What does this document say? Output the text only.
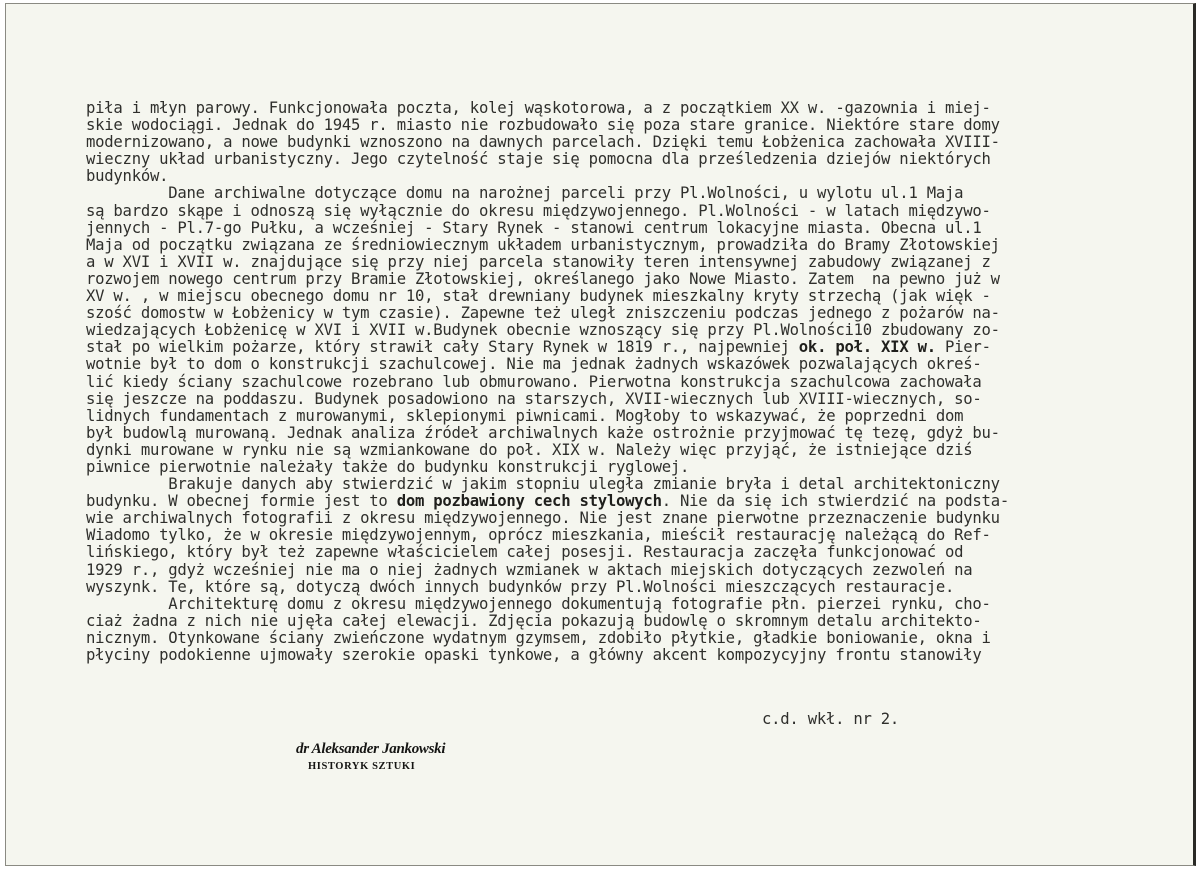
piła i młyn parowy. Funkcjonowała poczta, kolej wąskotorowa, a z początkiem XX w. -gazownia i miej-
skie wodociągi. Jednak do 1945 r. miasto nie rozbudowało się poza stare granice. Niektóre stare domy
modernizowano, a nowe budynki wznoszono na dawnych parcelach. Dzięki temu Łobżenica zachowała XVIII-
wieczny układ urbanistyczny. Jego czytelność staje się pomocna dla prześledzenia dziejów niektórych
budynków.
Dane archiwalne dotyczące domu na narożnej parceli przy Pl.Wolności, u wylotu ul.1 Maja
są bardzo skąpe i odnoszą się wyłącznie do okresu międzywojennego. Pl.Wolności - w latach międzywo-
jennych - Pl.7-go Pułku, a wcześniej - Stary Rynek - stanowi centrum lokacyjne miasta. Obecna ul.1
Maja od początku związana ze średniowiecznym układem urbanistycznym, prowadziła do Bramy Złotowskiej
a w XVI i XVII w. znajdujące się przy niej parcela stanowiły teren intensywnej zabudowy związanej z
rozwojem nowego centrum przy Bramie Złotowskiej, określanego jako Nowe Miasto. Zatem  na pewno już w
XV w. , w miejscu obecnego domu nr 10, stał drewniany budynek mieszkalny kryty strzechą (jak więk -
szość domostw w Łobżenicy w tym czasie). Zapewne też uległ zniszczeniu podczas jednego z pożarów na-
wiedzających Łobżenicę w XVI i XVII w.Budynek obecnie wznoszący się przy Pl.Wolności10 zbudowany zo-
stał po wielkim pożarze, który strawił cały Stary Rynek w 1819 r., najpewniej ok. poł. XIX w. Pier-
wotnie był to dom o konstrukcji szachulcowej. Nie ma jednak żadnych wskazówek pozwalających okreś-
lić kiedy ściany szachulcowe rozebrano lub obmurowano. Pierwotna konstrukcja szachulcowa zachowała
się jeszcze na poddaszu. Budynek posadowiono na starszych, XVII-wiecznych lub XVIII-wiecznych, so-
lidnych fundamentach z murowanymi, sklepionymi piwnicami. Mogłoby to wskazywać, że poprzedni dom
był budowlą murowaną. Jednak analiza źródeł archiwalnych każe ostrożnie przyjmować tę tezę, gdyż bu-
dynki murowane w rynku nie są wzmiankowane do poł. XIX w. Należy więc przyjąć, że istniejące dziś
piwnice pierwotnie należały także do budynku konstrukcji ryglowej.
Brakuje danych aby stwierdzić w jakim stopniu uległa zmianie bryła i detal architektoniczny
budynku. W obecnej formie jest to dom pozbawiony cech stylowych. Nie da się ich stwierdzić na podsta-
wie archiwalnych fotografii z okresu międzywojennego. Nie jest znane pierwotne przeznaczenie budynku
Wiadomo tylko, że w okresie międzywojennym, oprócz mieszkania, mieścił restaurację należącą do Ref-
lińskiego, który był też zapewne właścicielem całej posesji. Restauracja zaczęła funkcjonować od
1929 r., gdyż wcześniej nie ma o niej żadnych wzmianek w aktach miejskich dotyczących zezwoleń na
wyszynk. Te, które są, dotyczą dwóch innych budynków przy Pl.Wolności mieszczących restauracje.
Architekturę domu z okresu międzywojennego dokumentują fotografie płn. pierzei rynku, cho-
ciaż żadna z nich nie ujęła całej elewacji. Zdjęcia pokazują budowlę o skromnym detalu architekto-
nicznym. Otynkowane ściany zwieńczone wydatnym gzymsem, zdobiło płytkie, gładkie boniowanie, okna i
płyciny podokienne ujmowały szerokie opaski tynkowe, a główny akcent kompozycyjny frontu stanowiły
c.d. wkł. nr 2.
dr Aleksander Jankowski
HISTORYK SZTUKI
